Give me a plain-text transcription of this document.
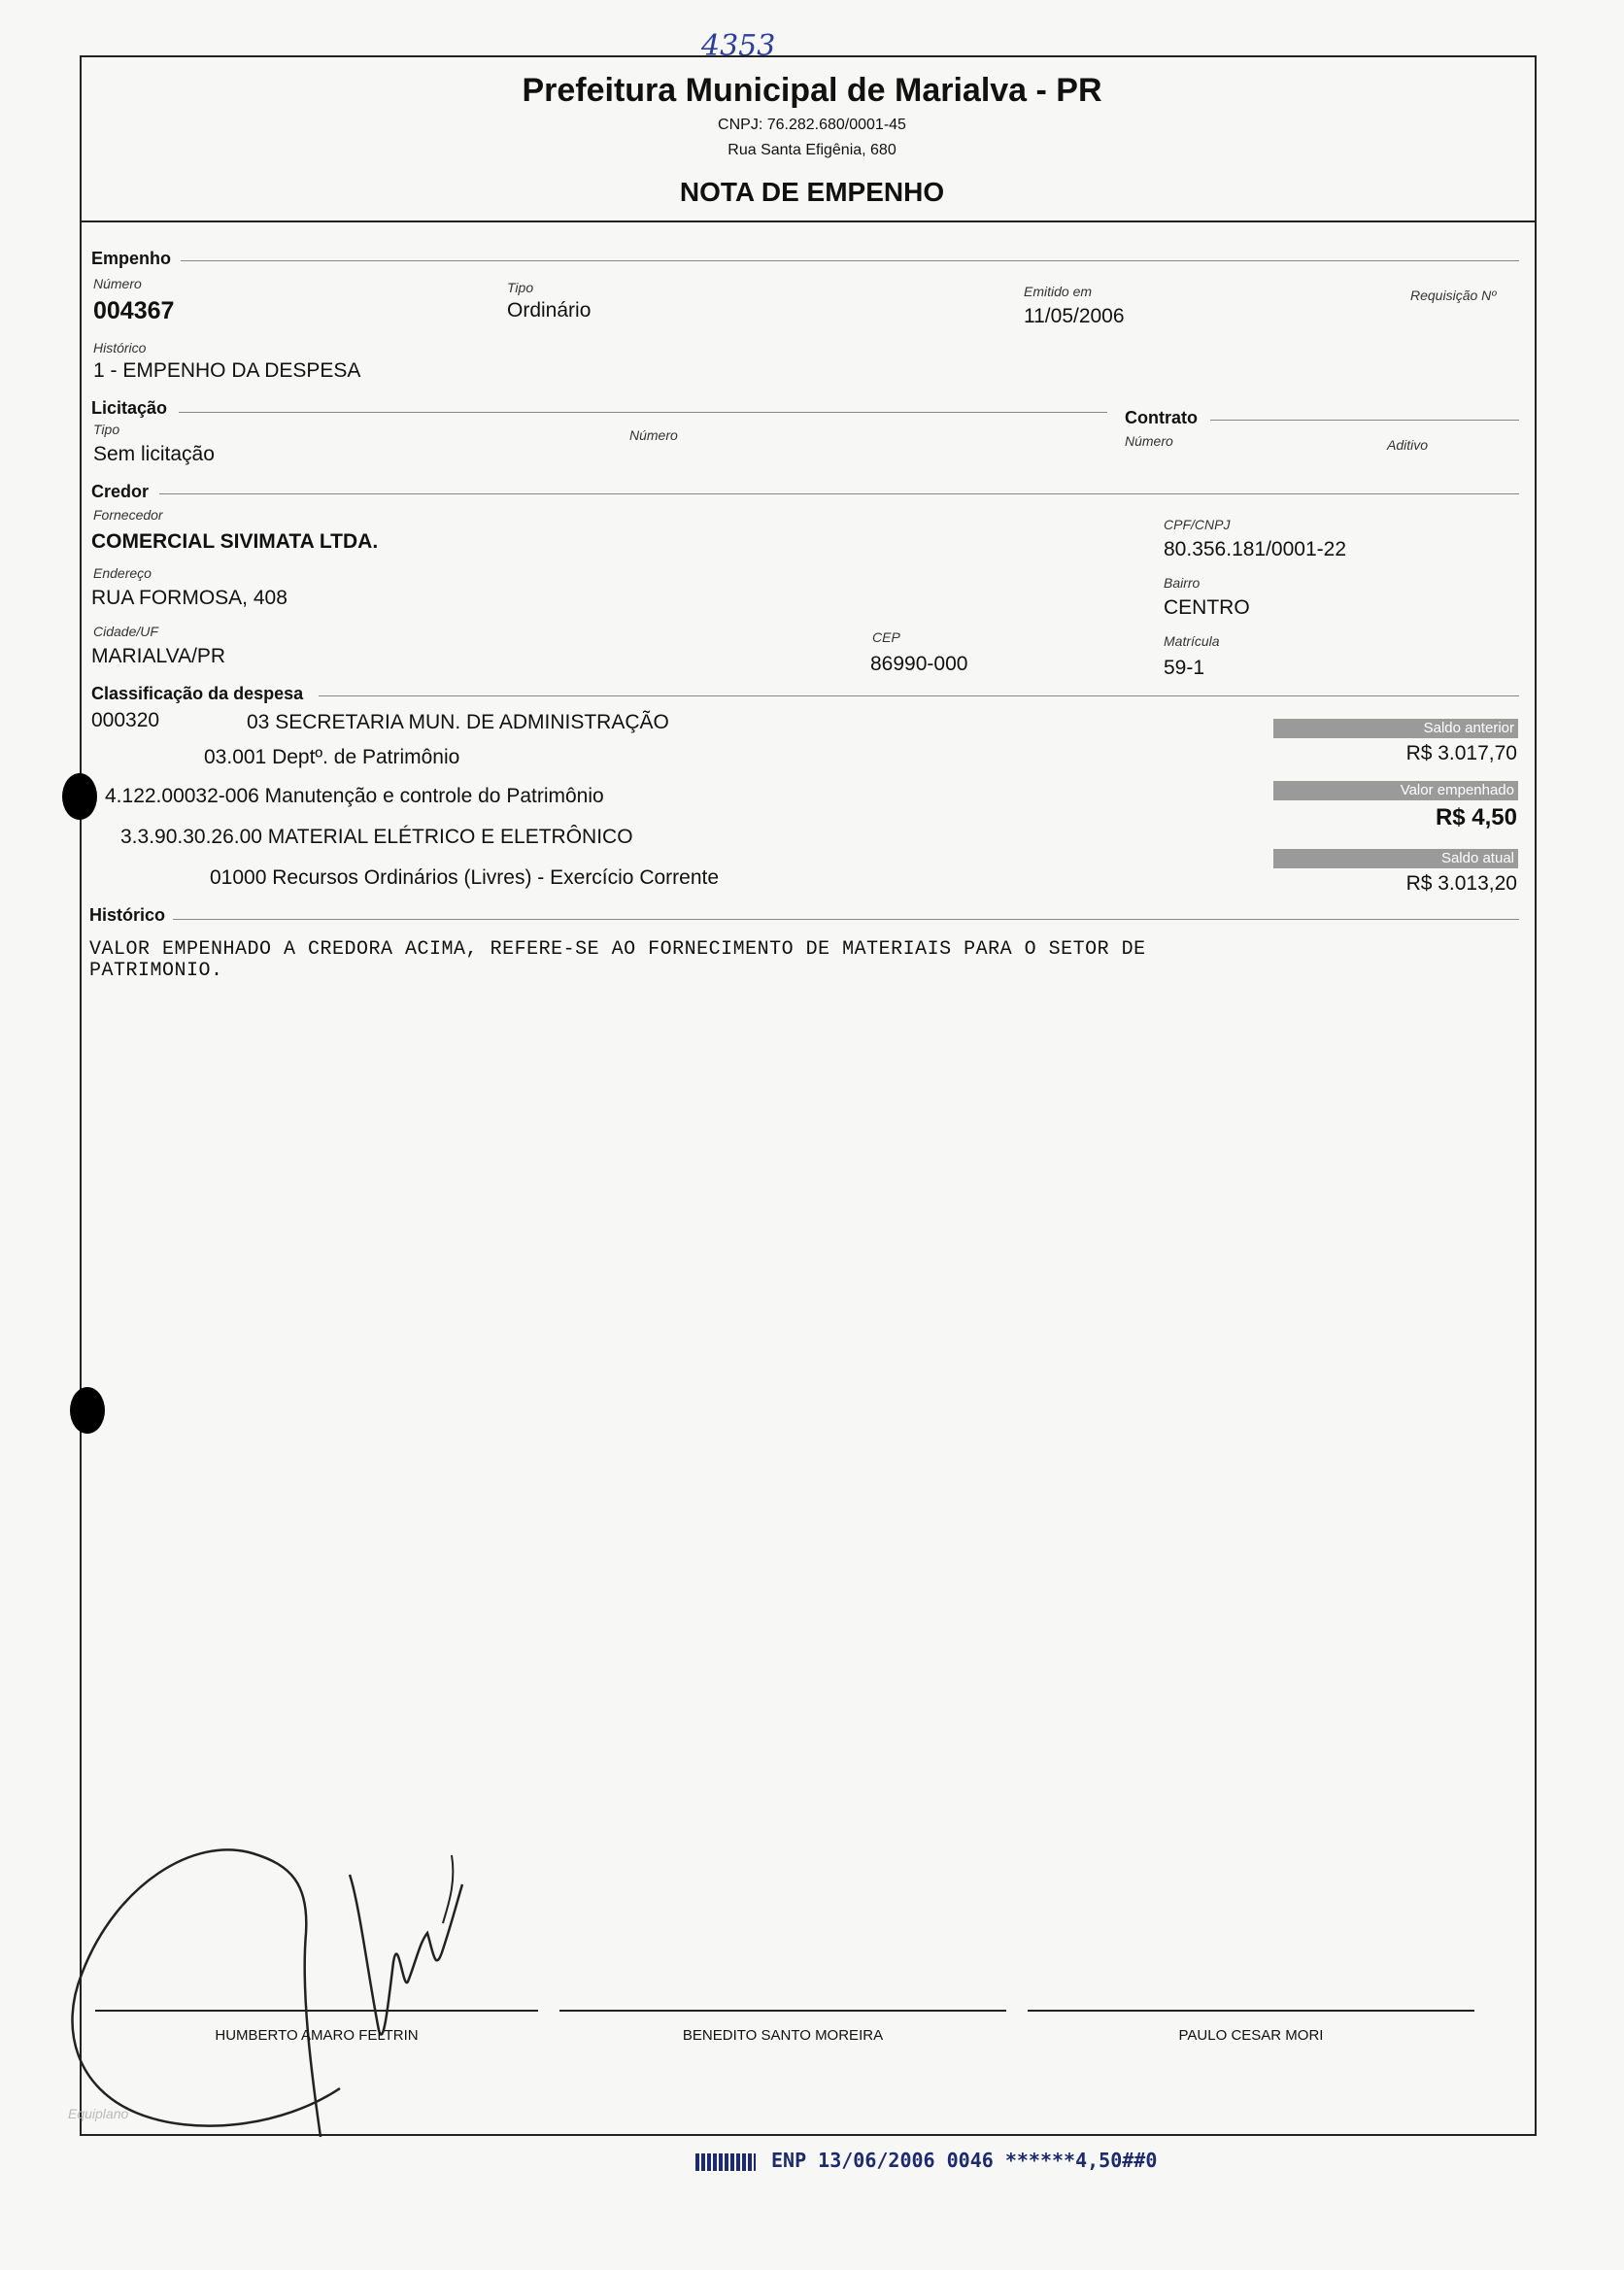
4353
Prefeitura Municipal de Marialva - PR
CNPJ: 76.282.680/0001-45
Rua Santa Efigênia, 680
NOTA DE EMPENHO
Empenho
Número
004367
Tipo
Ordinário
Emitido em
11/05/2006
Requisição Nº
Histórico
1 - EMPENHO DA DESPESA
Licitação
Tipo
Sem licitação
Número
Contrato
Número	Aditivo
Credor
Fornecedor
COMERCIAL SIVIMATA LTDA.
CPF/CNPJ
80.356.181/0001-22
Endereço
RUA FORMOSA, 408
Bairro
CENTRO
Cidade/UF
MARIALVA/PR
CEP
86990-000
Matrícula
59-1
Classificação da despesa
000320	03 SECRETARIA MUN. DE ADMINISTRAÇÃO
03.001 Deptº. de Patrimônio
4.122.00032-006 Manutenção e controle do Patrimônio
3.3.90.30.26.00 MATERIAL ELÉTRICO E ELETRÔNICO
01000 Recursos Ordinários (Livres) - Exercício Corrente
Saldo anterior
R$ 3.017,70
Valor empenhado
R$ 4,50
Saldo atual
R$ 3.013,20
Histórico
VALOR EMPENHADO A CREDORA ACIMA, REFERE-SE AO FORNECIMENTO DE MATERIAIS PARA O SETOR DE
PATRIMONIO.
HUMBERTO AMARO FELTRIN	BENEDITO SANTO MOREIRA	PAULO CESAR MORI
Equiplano
ENP 13/06/2006 0046 ******4,50##0
